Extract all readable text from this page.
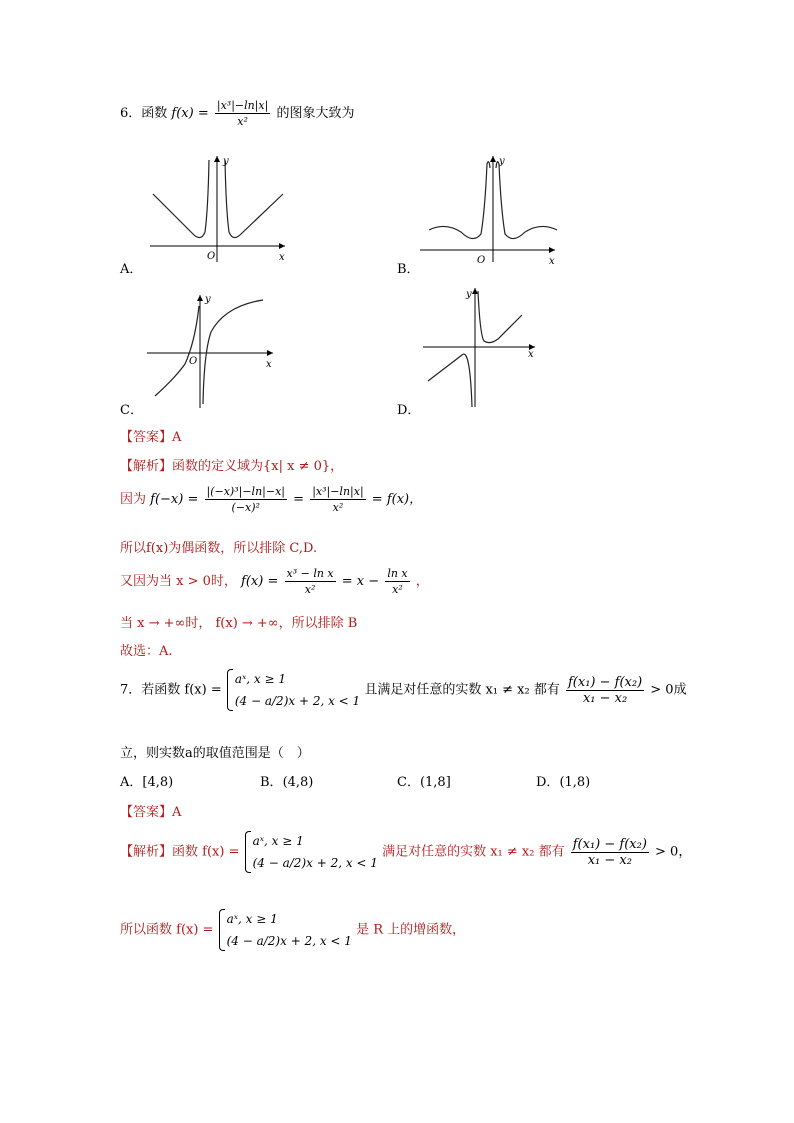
6．函数 $f(x) = \frac{\text{|x³|−ln|x|}}{\text{x²}}$ 的图象大致为
A．
y
x
O
B．
y
x
O
C．
y
x
O
D．
y
x
【答案】A
【解析】函数的定义域为{x| x ≠ 0}，
因为 $f(-x) = \frac{\text{|(−x)³|−ln|−x|}}{\text{(−x)²}} = \frac{\text{|x³|−ln|x|}}{\text{x²}} = f(x)$，
所以f(x)为偶函数，所以排除 C,D.
又因为当 x > 0时， $f(x) = \frac{\text{x³ − ln x}}{\text{x²}} = x - \frac{\text{ln x}}{\text{x²}}$ ，
当 x → +∞时， f(x) → +∞，所以排除 B
故选：A.
7．若函数 f(x) =
aˣ, x ≥ 1
(4 − a/2)x + 2, x < 1
且满足对任意的实数 x₁ ≠ x₂ 都有 $\frac{\text{f(x₁) − f(x₂)}}{\text{x₁ − x₂}} > 0$成
立，则实数a的取值范围是（　）
A．[4,8)	B．(4,8)	C．(1,8]	D．(1,8)
【答案】A
【解析】函数 f(x) =
aˣ, x ≥ 1
(4 − a/2)x + 2, x < 1
满足对任意的实数 x₁ ≠ x₂ 都有 $\frac{\text{f(x₁) − f(x₂)}}{\text{x₁ − x₂}} > 0$，
所以函数 f(x) =
aˣ, x ≥ 1
(4 − a/2)x + 2, x < 1
是 R 上的增函数，
